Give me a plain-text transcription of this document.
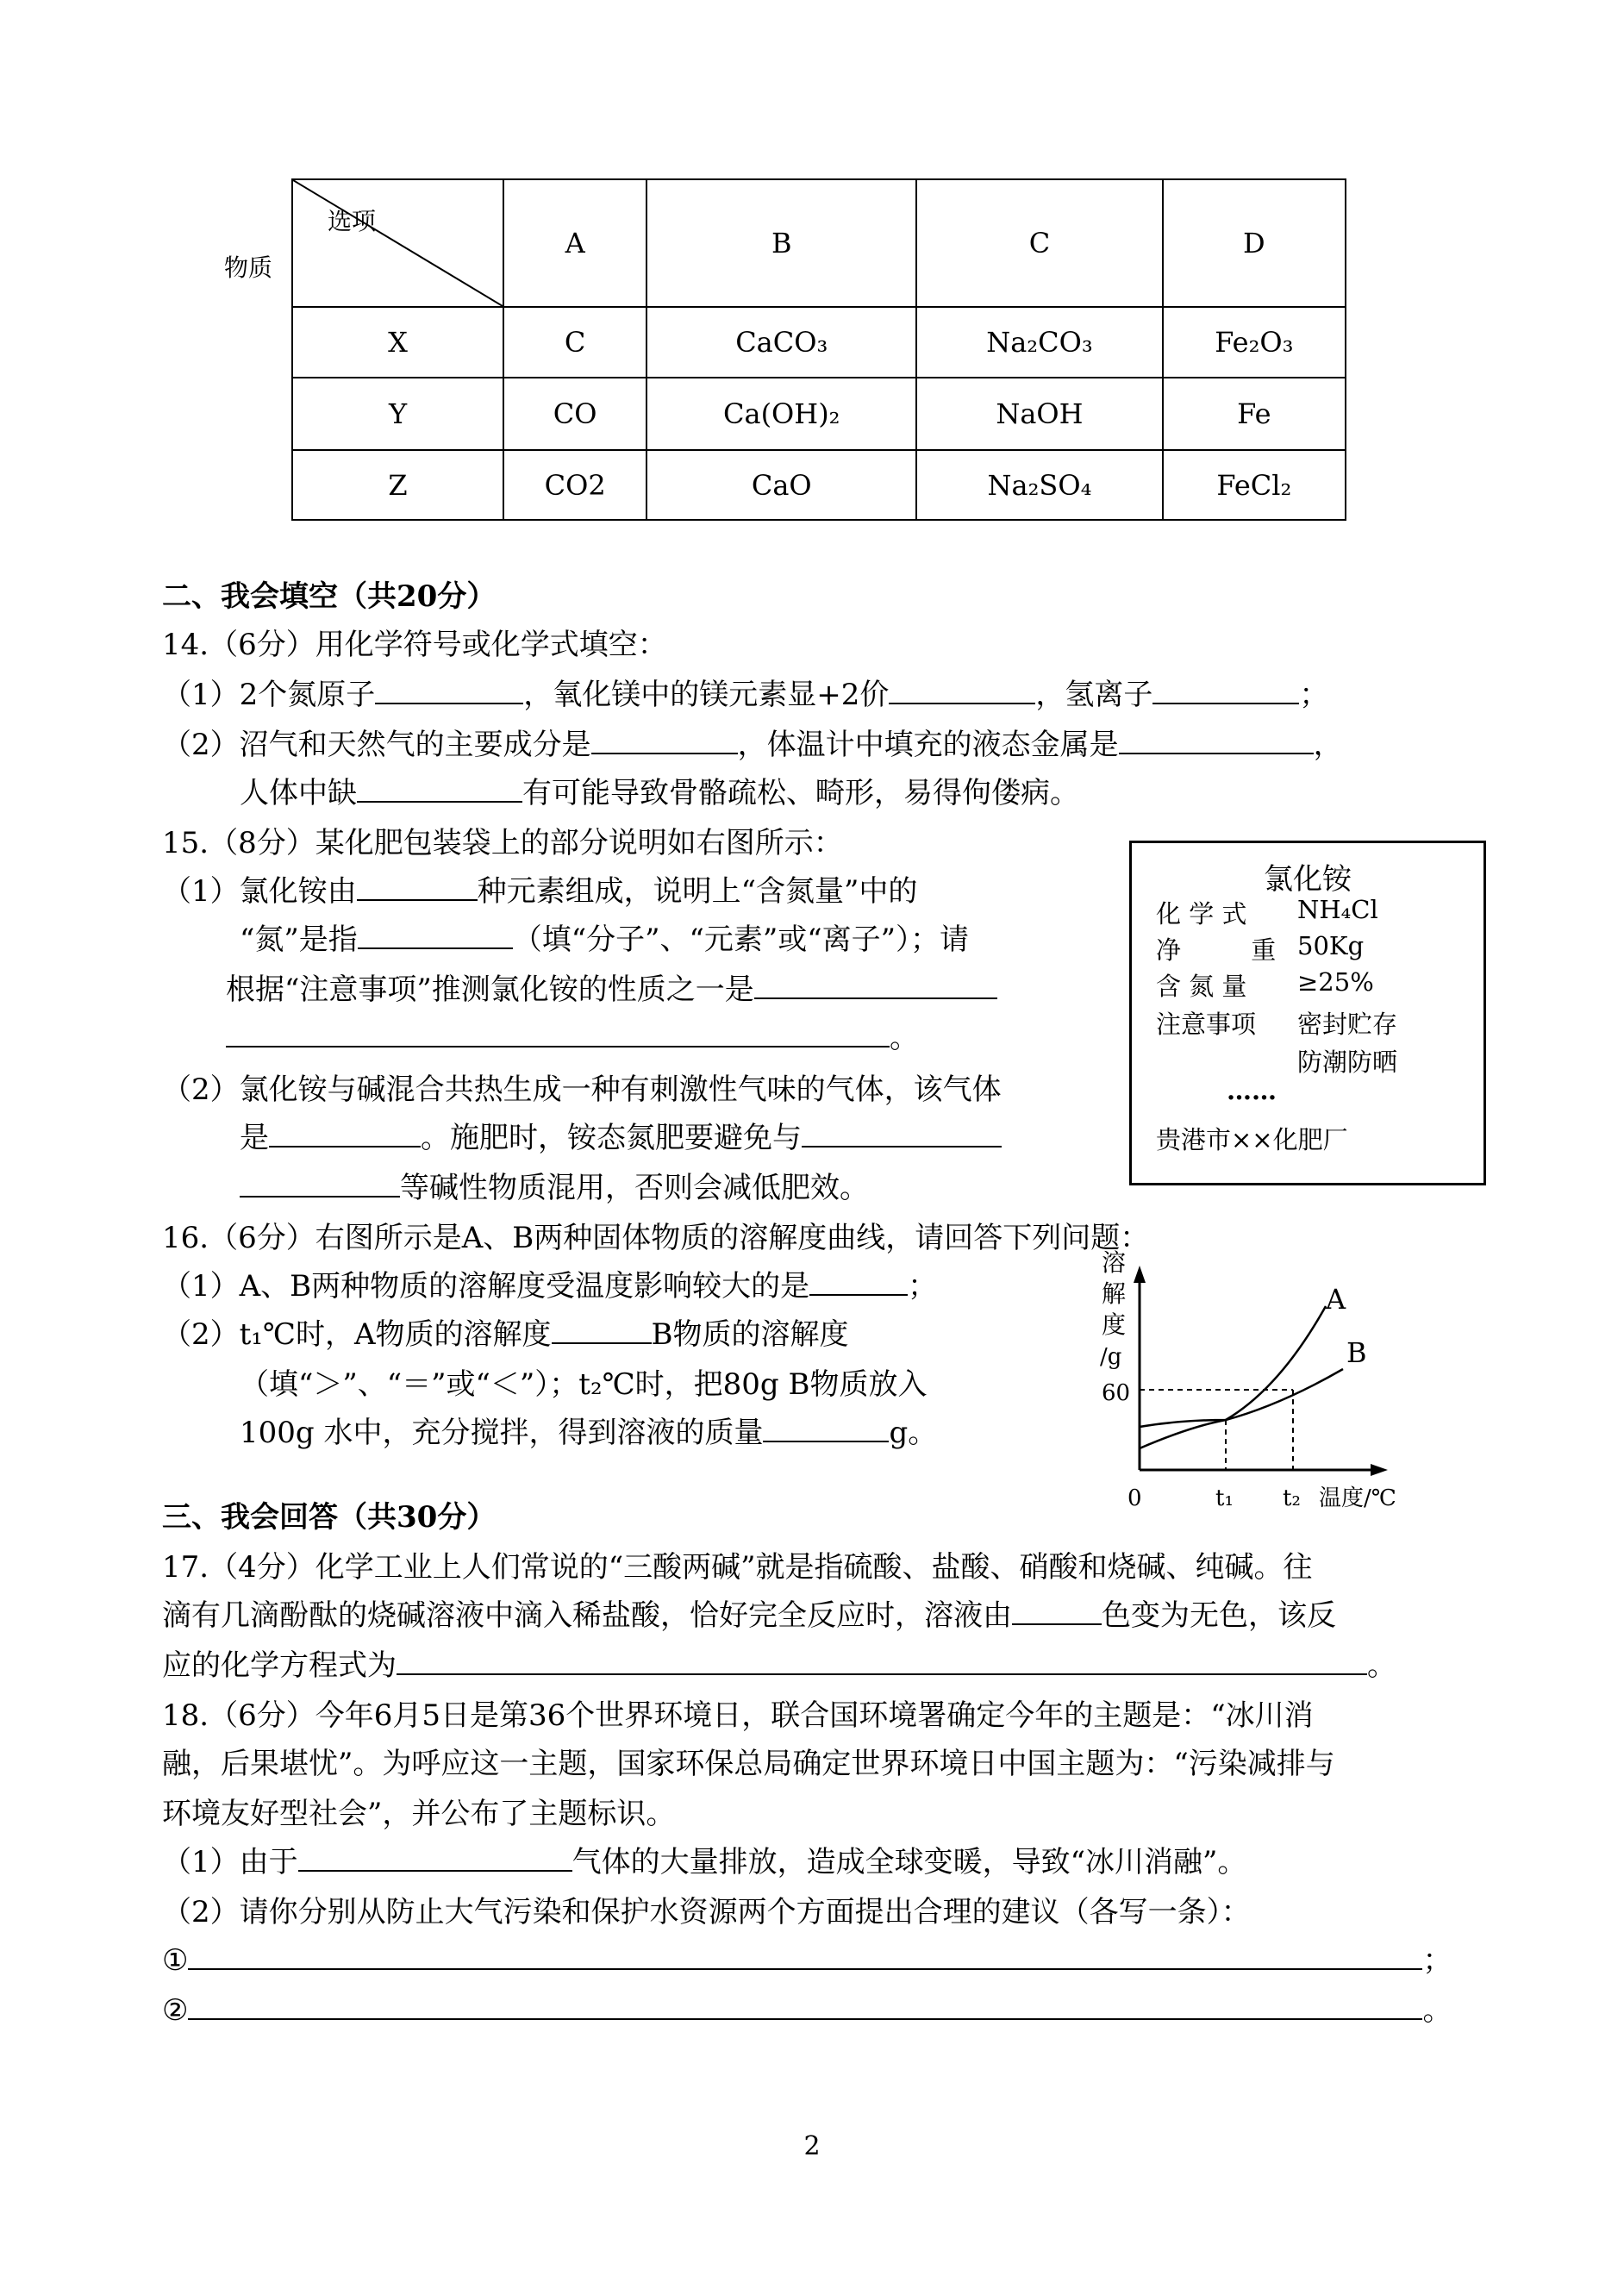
选项
物质	A	B	C	D
X	C	CaCO₃	Na₂CO₃	Fe₂O₃
Y	CO	Ca(OH)₂	NaOH	Fe
Z	CO2	CaO	Na₂SO₄	FeCl₂
二、我会填空（共20分）
14.（6分）用化学符号或化学式填空：
（1）2个氮原子	，氧化镁中的镁元素显+2价	，氢离子	；
（2）沼气和天然气的主要成分是	，体温计中填充的液态金属是	，
人体中缺	有可能导致骨骼疏松、畸形，易得佝偻病。
15.（8分）某化肥包装袋上的部分说明如右图所示：
（1）氯化铵由	种元素组成，说明上“含氮量”中的
“氮”是指	（填“分子”、“元素”或“离子”）；请
根据“注意事项”推测氯化铵的性质之一是
。
（2）氯化铵与碱混合共热生成一种有刺激性气味的气体，该气体
是	。施肥时，铵态氮肥要避免与
等碱性物质混用，否则会减低肥效。
氯化铵
化 学 式 NH₄Cl
净 重
50Kg
含 氮 量 ≥25%
注意事项 密封贮存
防潮防晒
……
贵港市××化肥厂
16.（6分）右图所示是A、B两种固体物质的溶解度曲线，请回答下列问题：
（1）A、B两种物质的溶解度受温度影响较大的是	；
（2）t₁℃时，A物质的溶解度	B物质的溶解度
（填“＞”、“＝”或“＜”）；t₂℃时，把80g B物质放入
100g 水中，充分搅拌，得到溶液的质量	g。
溶
解
度
/g
60
0
A
B
t₁ t₂ 温度/℃
三、我会回答（共30分）
17.（4分）化学工业上人们常说的“三酸两碱”就是指硫酸、盐酸、硝酸和烧碱、纯碱。往
滴有几滴酚酞的烧碱溶液中滴入稀盐酸，恰好完全反应时，溶液由	色变为无色，该反
应的化学方程式为	。
18.（6分）今年6月5日是第36个世界环境日，联合国环境署确定今年的主题是：“冰川消
融，后果堪忧”。为呼应这一主题，国家环保总局确定世界环境日中国主题为：“污染减排与
环境友好型社会”，并公布了主题标识。
（1）由于	气体的大量排放，造成全球变暖，导致“冰川消融”。
（2）请你分别从防止大气污染和保护水资源两个方面提出合理的建议（各写一条）：
①	；
②	。
2
